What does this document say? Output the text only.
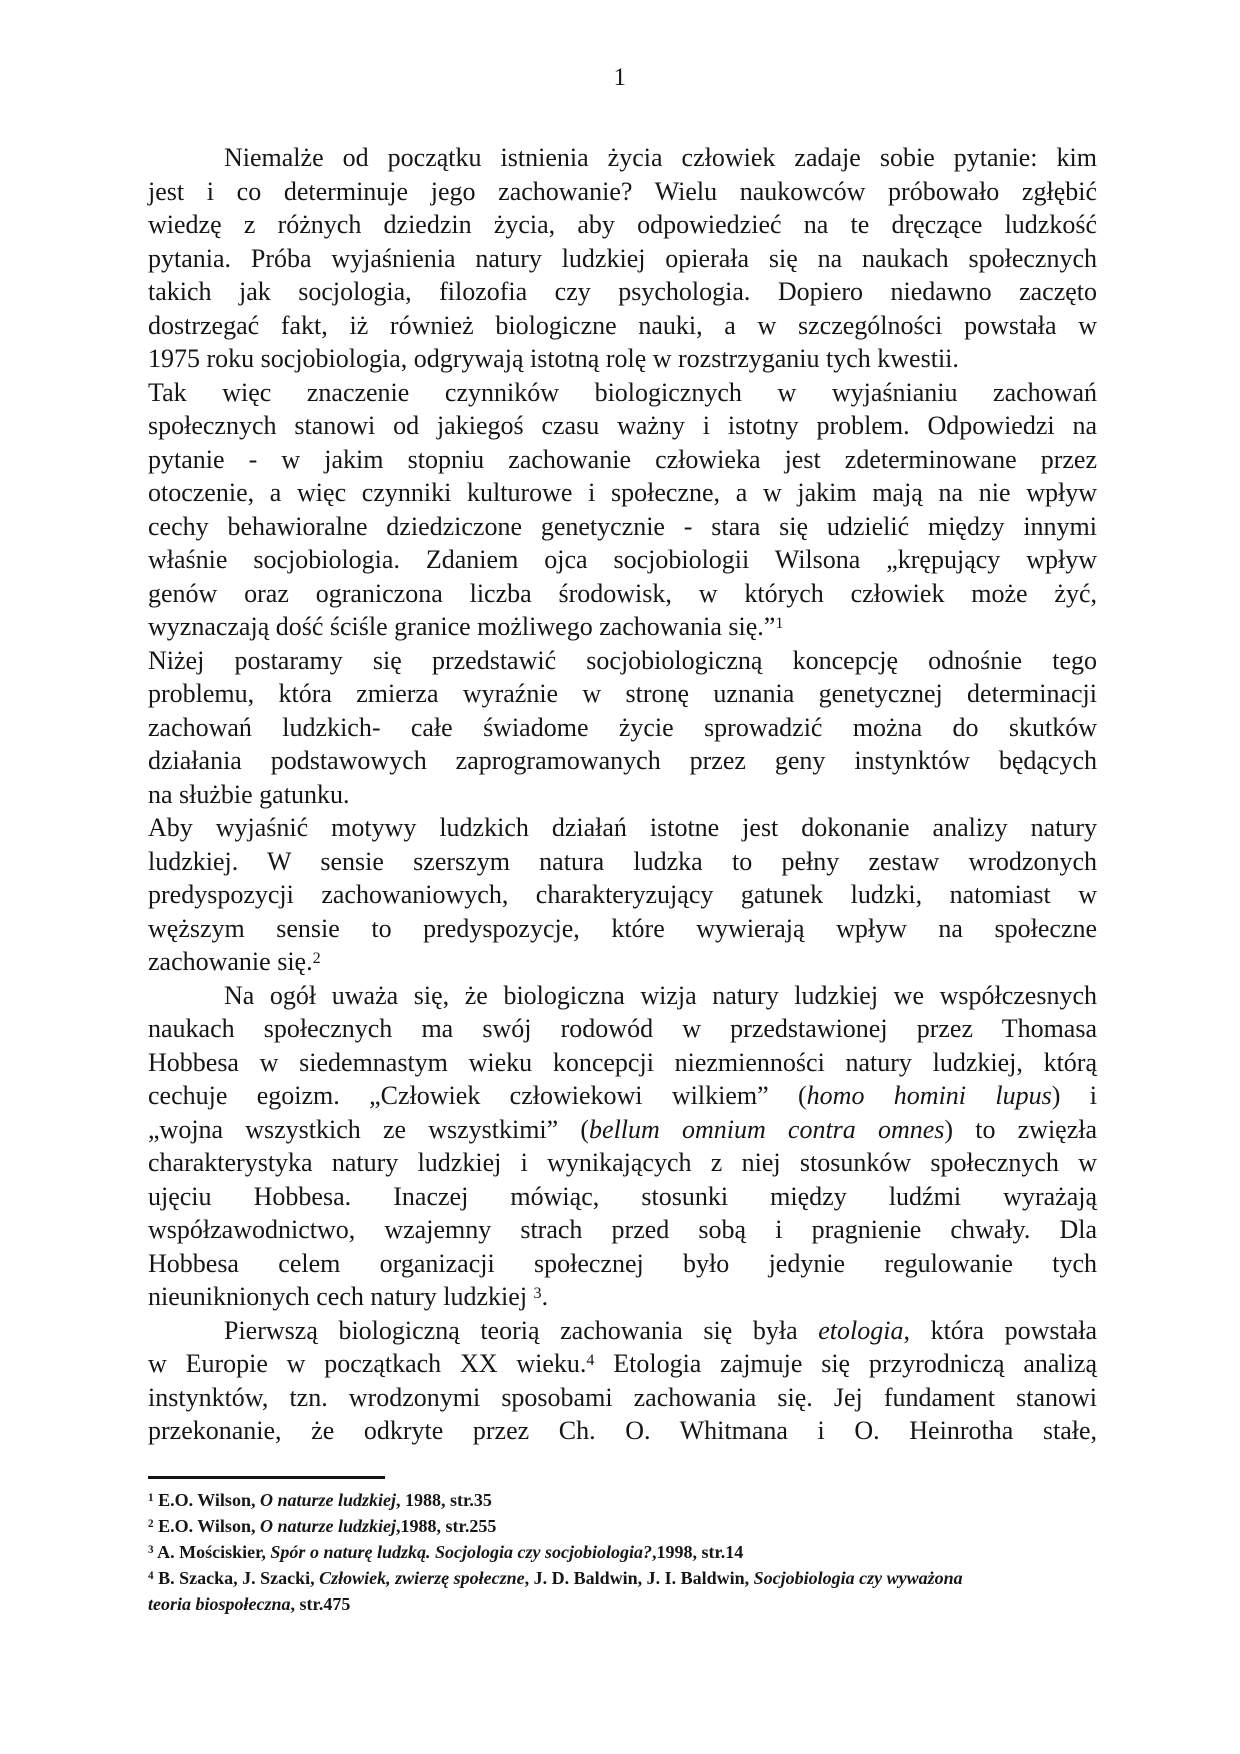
1
Niemalże od początku istnienia życia człowiek zadaje sobie pytanie: kim
jest i co determinuje jego zachowanie? Wielu naukowców próbowało zgłębić
wiedzę z różnych dziedzin życia, aby odpowiedzieć na te dręczące ludzkość
pytania. Próba wyjaśnienia natury ludzkiej opierała się na naukach społecznych
takich jak socjologia, filozofia czy psychologia. Dopiero niedawno zaczęto
dostrzegać fakt, iż również biologiczne nauki, a w szczególności powstała w
1975 roku socjobiologia, odgrywają istotną rolę w rozstrzyganiu tych kwestii.
Tak więc znaczenie czynników biologicznych w wyjaśnianiu zachowań
społecznych stanowi od jakiegoś czasu ważny i istotny problem. Odpowiedzi na
pytanie - w jakim stopniu zachowanie człowieka jest zdeterminowane przez
otoczenie, a więc czynniki kulturowe i społeczne, a w jakim mają na nie wpływ
cechy behawioralne dziedziczone genetycznie - stara się udzielić między innymi
właśnie socjobiologia. Zdaniem ojca socjobiologii Wilsona „krępujący wpływ
genów oraz ograniczona liczba środowisk, w których człowiek może żyć,
wyznaczają dość ściśle granice możliwego zachowania się.”$^1$
Niżej postaramy się przedstawić socjobiologiczną koncepcję odnośnie tego
problemu, która zmierza wyraźnie w stronę uznania genetycznej determinacji
zachowań ludzkich- całe świadome życie sprowadzić można do skutków
działania podstawowych zaprogramowanych przez geny instynktów będących
na służbie gatunku.
Aby wyjaśnić motywy ludzkich działań istotne jest dokonanie analizy natury
ludzkiej. W sensie szerszym natura ludzka to pełny zestaw wrodzonych
predyspozycji zachowaniowych, charakteryzujący gatunek ludzki, natomiast w
węższym sensie to predyspozycje, które wywierają wpływ na społeczne
zachowanie się.$^2$
Na ogół uważa się, że biologiczna wizja natury ludzkiej we współczesnych
naukach społecznych ma swój rodowód w przedstawionej przez Thomasa
Hobbesa w siedemnastym wieku koncepcji niezmienności natury ludzkiej, którą
cechuje egoizm. „Człowiek człowiekowi wilkiem” (homo homini lupus) i
„wojna wszystkich ze wszystkimi” (bellum omnium contra omnes) to zwięzła
charakterystyka natury ludzkiej i wynikających z niej stosunków społecznych w
ujęciu Hobbesa. Inaczej mówiąc, stosunki między ludźmi wyrażają
współzawodnictwo, wzajemny strach przed sobą i pragnienie chwały. Dla
Hobbesa celem organizacji społecznej było jedynie regulowanie tych
nieuniknionych cech natury ludzkiej $^3$.
Pierwszą biologiczną teorią zachowania się była etologia, która powstała
w Europie w początkach XX wieku.$^4$ Etologia zajmuje się przyrodniczą analizą
instynktów, tzn. wrodzonymi sposobami zachowania się. Jej fundament stanowi
przekonanie, że odkryte przez Ch. O. Whitmana i O. Heinrotha stałe,
$^1$ E.O. Wilson, O naturze ludzkiej, 1988, str.35
$^2$ E.O. Wilson, O naturze ludzkiej,1988, str.255
$^3$ A. Mościskier, Spór o naturę ludzką. Socjologia czy socjobiologia?,1998, str.14
$^4$ B. Szacka, J. Szacki, Człowiek, zwierzę społeczne, J. D. Baldwin, J. I. Baldwin, Socjobiologia czy wyważona
teoria biospołeczna, str.475
